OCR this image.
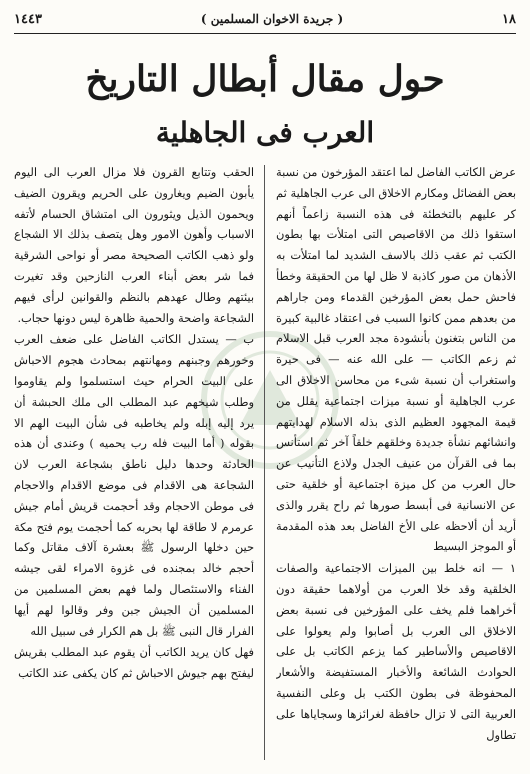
١٤٤٣	( جريدة الاخوان المسلمين )	١٨
حول مقال أبطال التاريخ
العرب فى الجاهلية

عرض الكاتب الفاضل لما اعتقد المؤرخون من نسبة بعض الفضائل ومكارم الاخلاق الى عرب الجاهلية ثم كر عليهم بالتخطئة فى هذه النسبة زاعماً أنهم استقوا ذلك من الاقاصيص التى امتلأت بها بطون الكتب ثم عقب ذلك بالاسف الشديد لما امتلأت به الأذهان من صور كاذبة لا ظل لها من الحقيقة وخطأ فاحش حمل بعض المؤرخين القدماء ومن جاراهم من بعدهم ممن كانوا السبب فى اعتقاد غالبية كبيرة من الناس بتغنون بأنشودة مجد العرب قبل الاسلام ثم زعم الكاتب — على الله عنه — فى حيرة واستغراب أن نسبة شىء من محاسن الاخلاق الى عرب الجاهلية أو نسبة ميزات اجتماعية يقلل من قيمة المجهود العظيم الذى بذله الاسلام لهدايتهم وانشائهم نشأة جديدة وخلقهم خلقاً آخر ثم استأنس بما فى القرآن من عنيف الجدل ولاذع التأنيب عن حال العرب من كل ميزة اجتماعية أو خلقية حتى عن الانسانية فى أبسط صورها ثم راح يقرر والذى أريد أن ألاحظه على الأخ الفاضل بعد هذه المقدمة أو الموجز البسيط

١ — انه خلط بين الميزات الاجتماعية والصفات الخلقية وقد خلا العرب من أولاهما حقيقة دون أخراهما فلم يخف على المؤرخين فى نسبة بعض الاخلاق الى العرب بل أصابوا ولم يعولوا على الاقاصيص والأساطير كما يزعم الكاتب بل على الحوادث الشائعة والأخبار المستفيضة والأشعار المحفوظة فى بطون الكتب بل وعلى النفسية العربية التى لا تزال حافظة لغرائزها وسجاياها على تطاول

الحقب وتتابع القرون فلا مزال العرب الى اليوم يأبون الضيم ويغارون على الحريم ويقرون الضيف ويحمون الذيل ويثورون الى امتشاق الحسام لأتفه الاسباب وأهون الامور وهل يتصف بذلك الا الشجاع ولو ذهب الكاتب الصحيحة مصر أو نواحى الشرقية فما شر بعض أبناء العرب النازحين وقد تغيرت بيئتهم وطال عهدهم بالنظم والقوانين لرأى فيهم الشجاعة واضحة والحمية ظاهرة ليس دونها حجاب.

ب — يستدل الكاتب الفاضل على ضعف العرب وخورهم وجبنهم ومهانتهم بمحادث هجوم الاحباش على البيت الحرام حيث استسلموا ولم يقاوموا وطلب شيخهم عبد المطلب الى ملك الحبشة أن يرد إليه إبله ولم يخاطبه فى شأن البيت الهم الا بقوله ( أما البيت فله رب يحميه ) وعندى أن هذه الحادثة وحدها دليل ناطق بشجاعة العرب لان الشجاعة هى الاقدام فى موضع الاقدام والاحجام فى موطن الاحجام وقد أحجمت قريش أمام جيش عرمرم لا طاقة لها بحربه كما أحجمت يوم فتح مكة حين دخلها الرسول ﷺ بعشرة آلاف مقاتل وكما أحجم خالد بمجنده فى غزوة الامراء لقى جيشه الفناء والاستئصال ولما فهم بعض المسلمين من المسلمين أن الجيش جبن وفر وقالوا لهم أيها الفرار قال النبى ﷺ بل هم الكرار فى سبيل الله

فهل كان يريد الكاتب أن يقوم عبد المطلب بقريش ليفتح بهم جيوش الاحباش ثم كان يكفى عند الكاتب
